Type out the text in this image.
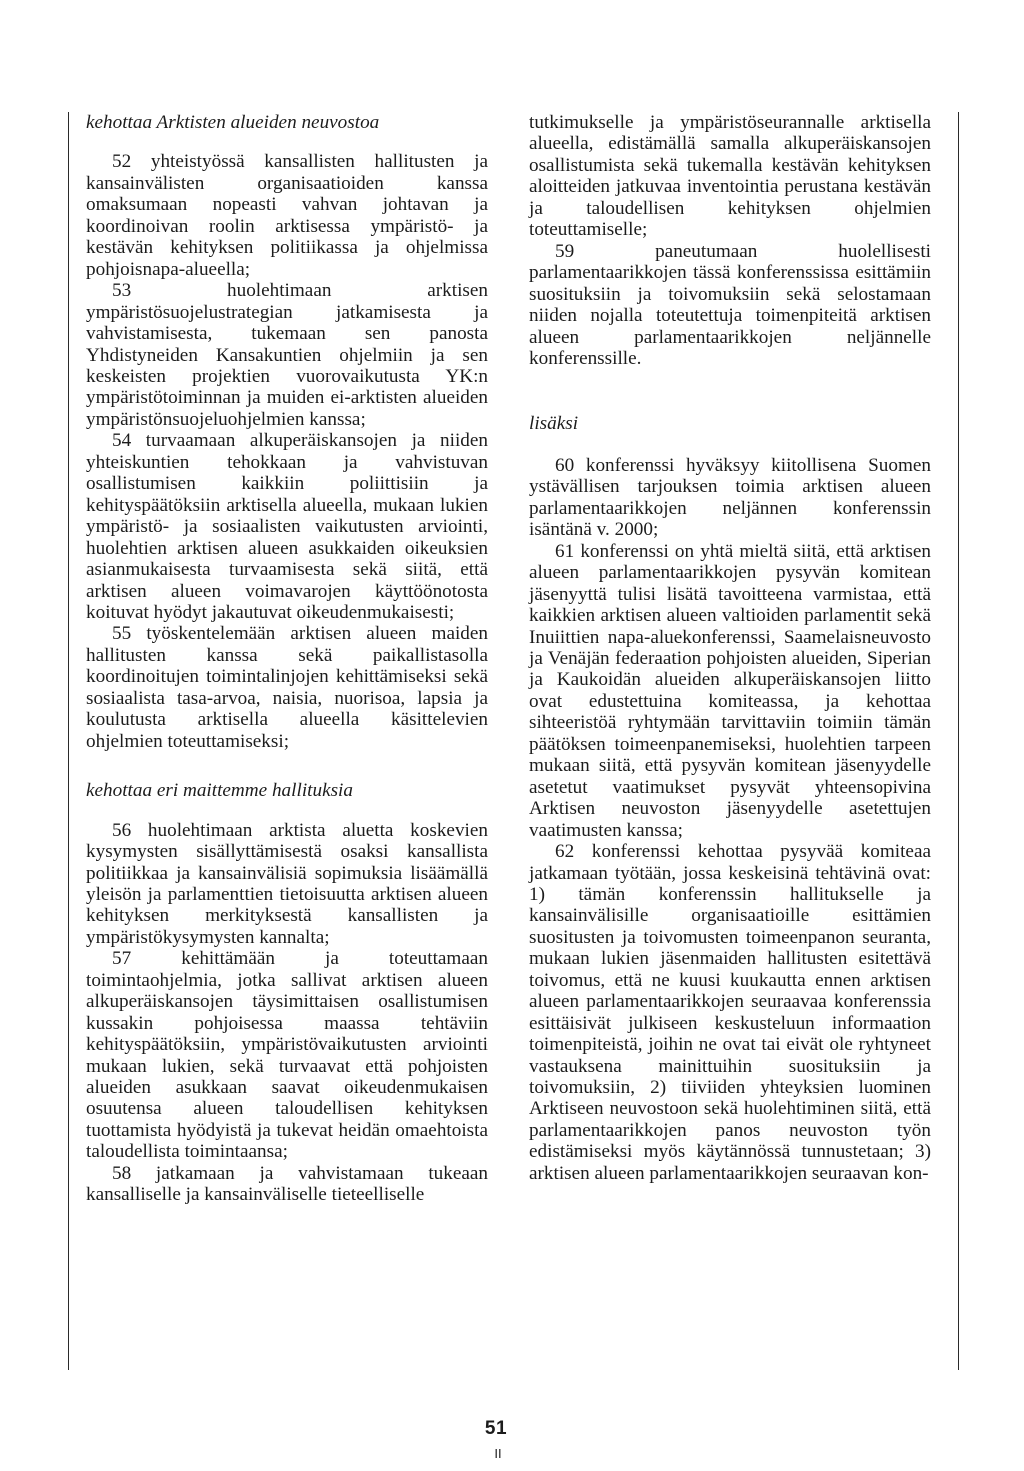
kehottaa Arktisten alueiden neuvostoa

52 yhteistyössä kansallisten hallitusten ja kansainvälisten organisaatioiden kanssa omaksumaan nopeasti vahvan johtavan ja koordinoivan roolin arktisessa ympäristö- ja kestävän kehityksen politiikassa ja ohjelmissa pohjoisnapa-alueella;

53 huolehtimaan arktisen ympäristösuojelustrategian jatkamisesta ja vahvistamisesta, tukemaan sen panosta Yhdistyneiden Kansakuntien ohjelmiin ja sen keskeisten projektien vuorovaikutusta YK:n ympäristötoiminnan ja muiden ei-arktisten alueiden ympäristönsuojeluohjelmien kanssa;

54 turvaamaan alkuperäiskansojen ja niiden yhteiskuntien tehokkaan ja vahvistuvan osallistumisen kaikkiin poliittisiin ja kehityspäätöksiin arktisella alueella, mukaan lukien ympäristö- ja sosiaalisten vaikutusten arviointi, huolehtien arktisen alueen asukkaiden oikeuksien asianmukaisesta turvaamisesta sekä siitä, että arktisen alueen voimavarojen käyttöönotosta koituvat hyödyt jakautuvat oikeudenmukaisesti;

55 työskentelemään arktisen alueen maiden hallitusten kanssa sekä paikallistasolla koordinoitujen toimintalinjojen kehittämiseksi sekä sosiaalista tasa-arvoa, naisia, nuorisoa, lapsia ja koulutusta arktisella alueella käsittelevien ohjelmien toteuttamiseksi;

kehottaa eri maittemme hallituksia

56 huolehtimaan arktista aluetta koskevien kysymysten sisällyttämisestä osaksi kansallista politiikkaa ja kansainvälisiä sopimuksia lisäämällä yleisön ja parlamenttien tietoisuutta arktisen alueen kehityksen merkityksestä kansallisten ja ympäristökysymysten kannalta;

57 kehittämään ja toteuttamaan toimintaohjelmia, jotka sallivat arktisen alueen alkuperäiskansojen täysimittaisen osallistumisen kussakin pohjoisessa maassa tehtäviin kehityspäätöksiin, ympäristövaikutusten arviointi mukaan lukien, sekä turvaavat että pohjoisten alueiden asukkaan saavat oikeudenmukaisen osuutensa alueen taloudellisen kehityksen tuottamista hyödyistä ja tukevat heidän omaehtoista taloudellista toimintaansa;

58 jatkamaan ja vahvistamaan tukeaan kansalliselle ja kansainväliselle tieteelliselle

tutkimukselle ja ympäristöseurannalle arktisella alueella, edistämällä samalla alkuperäiskansojen osallistumista sekä tukemalla kestävän kehityksen aloitteiden jatkuvaa inventointia perustana kestävän ja taloudellisen kehityksen ohjelmien toteuttamiselle;

59 paneutumaan huolellisesti parlamentaarikkojen tässä konferenssissa esittämiin suosituksiin ja toivomuksiin sekä selostamaan niiden nojalla toteutettuja toimenpiteitä arktisen alueen parlamentaarikkojen neljännelle konferenssille.

lisäksi

60 konferenssi hyväksyy kiitollisena Suomen ystävällisen tarjouksen toimia arktisen alueen parlamentaarikkojen neljännen konferenssin isäntänä v. 2000;

61 konferenssi on yhtä mieltä siitä, että arktisen alueen parlamentaarikkojen pysyvän komitean jäsenyyttä tulisi lisätä tavoitteena varmistaa, että kaikkien arktisen alueen valtioiden parlamentit sekä Inuiittien napa-aluekonferenssi, Saamelaisneuvosto ja Venäjän federaation pohjoisten alueiden, Siperian ja Kaukoidän alueiden alkuperäiskansojen liitto ovat edustettuina komiteassa, ja kehottaa sihteeristöä ryhtymään tarvittaviin toimiin tämän päätöksen toimeenpanemiseksi, huolehtien tarpeen mukaan siitä, että pysyvän komitean jäsenyydelle asetetut vaatimukset pysyvät yhteensopivina Arktisen neuvoston jäsenyydelle asetettujen vaatimusten kanssa;

62 konferenssi kehottaa pysyvää komiteaa jatkamaan työtään, jossa keskeisinä tehtävinä ovat: 1) tämän konferenssin hallitukselle ja kansainvälisille organisaatioille esittämien suositusten ja toivomusten toimeenpanon seuranta, mukaan lukien jäsenmaiden hallitusten esitettävä toivomus, että ne kuusi kuukautta ennen arktisen alueen parlamentaarikkojen seuraavaa konferenssia esittäisivät julkiseen keskusteluun informaation toimenpiteistä, joihin ne ovat tai eivät ole ryhtyneet vastauksena mainittuihin suosituksiin ja toivomuksiin, 2) tiiviiden yhteyksien luominen Arktiseen neuvostoon sekä huolehtiminen siitä, että parlamentaarikkojen panos neuvoston työn edistämiseksi myös käytännössä tunnustetaan; 3) arktisen alueen parlamentaarikkojen seuraavan kon-

51
II
